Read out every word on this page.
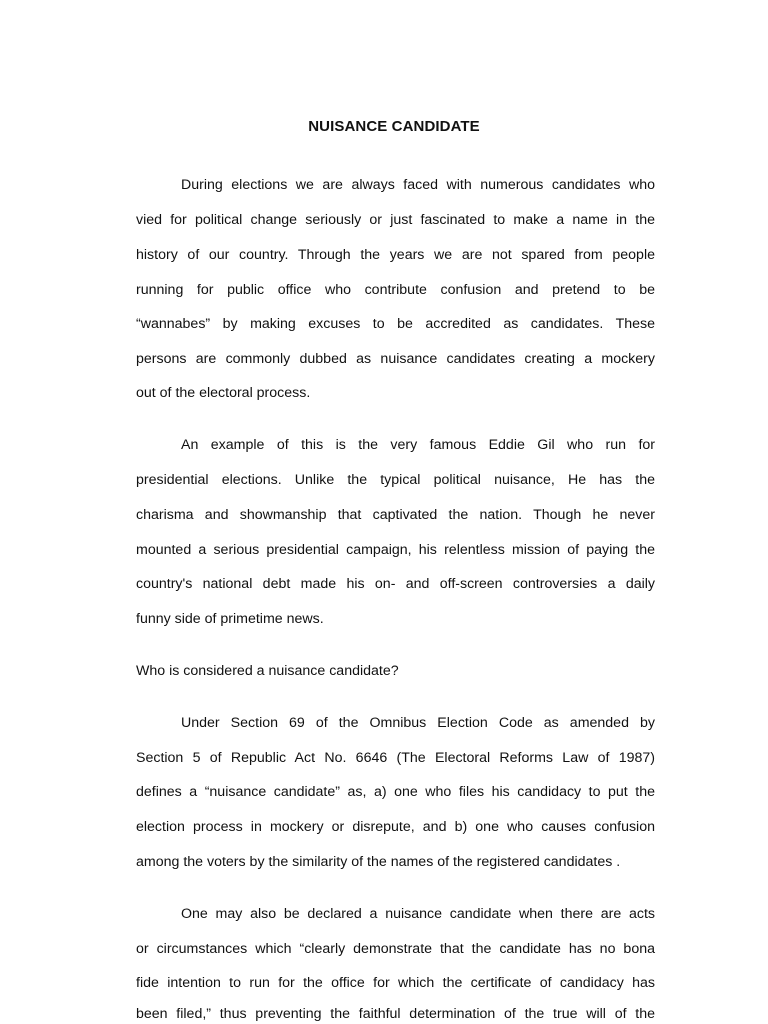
NUISANCE CANDIDATE
During elections we are always faced with numerous candidates who
vied for political change seriously or just fascinated to make a name in the
history of our country. Through the years we are not spared from people
running for public office who contribute confusion and pretend to be
“wannabes” by making excuses to be accredited as candidates. These
persons are commonly dubbed as nuisance candidates creating a mockery
out of the electoral process.
An example of this is the very famous Eddie Gil who run for
presidential elections. Unlike the typical political nuisance, He has the
charisma and showmanship that captivated the nation. Though he never
mounted a serious presidential campaign, his relentless mission of paying the
country's national debt made his on- and off-screen controversies a daily
funny side of primetime news.
Who is considered a nuisance candidate?
Under Section 69 of the Omnibus Election Code as amended by
Section 5 of Republic Act No. 6646 (The Electoral Reforms Law of 1987)
defines a “nuisance candidate” as, a) one who files his candidacy to put the
election process in mockery or disrepute, and b) one who causes confusion
among the voters by the similarity of the names of the registered candidates .
One may also be declared a nuisance candidate when there are acts
or circumstances which “clearly demonstrate that the candidate has no bona
fide intention to run for the office for which the certificate of candidacy has
been filed,” thus preventing the faithful determination of the true will of the
